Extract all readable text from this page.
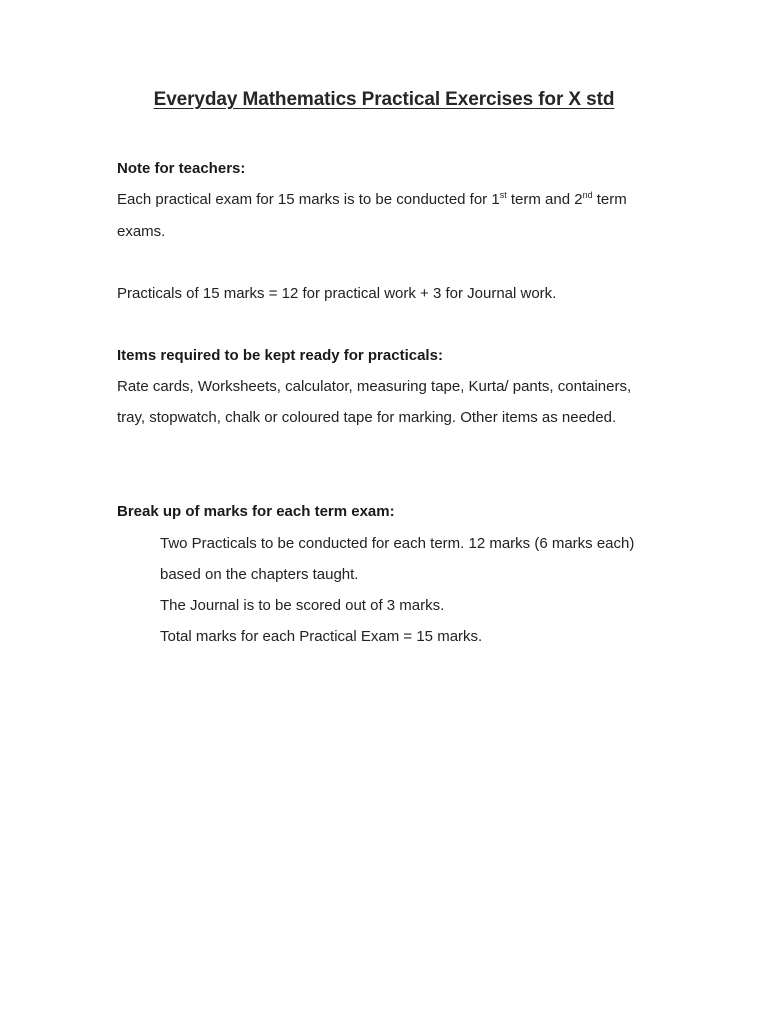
Everyday Mathematics Practical Exercises for X std
Note for teachers:
Each practical exam for 15 marks is to be conducted for 1st term and 2nd term
exams.
Practicals of 15 marks = 12 for practical work + 3 for Journal work.
Items required to be kept ready for practicals:
Rate cards, Worksheets, calculator, measuring tape, Kurta/ pants, containers,
tray, stopwatch, chalk or coloured tape for marking. Other items as needed.
Break up of marks for each term exam:
Two Practicals to be conducted for each term. 12 marks (6 marks each)
based on the chapters taught.
The Journal is to be scored out of 3 marks.
Total marks for each Practical Exam = 15 marks.
